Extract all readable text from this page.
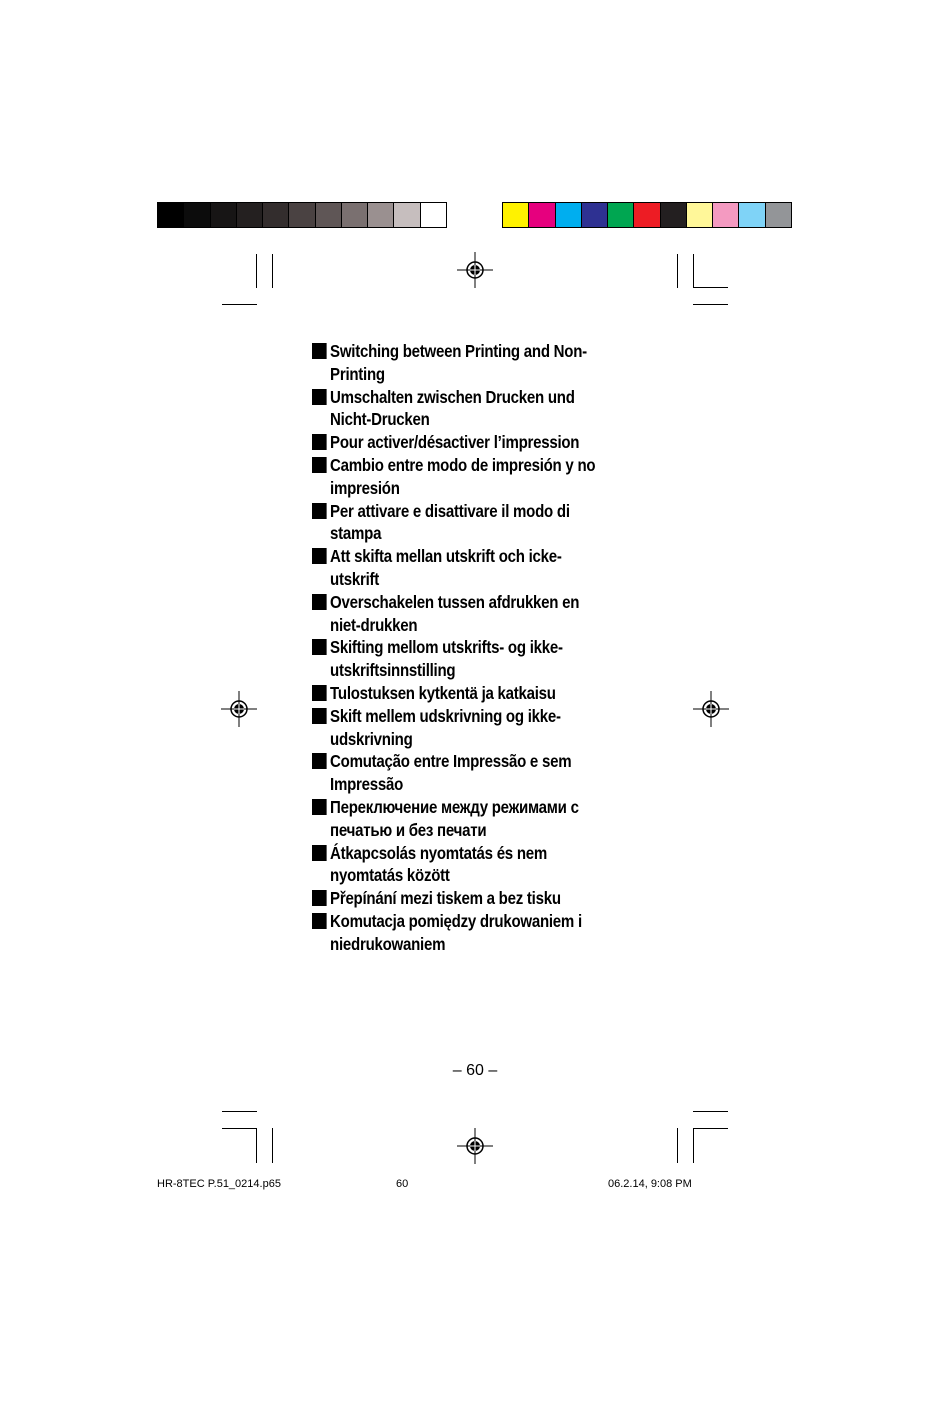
Switching between Printing and Non-Printing
Umschalten zwischen Drucken und Nicht-Drucken
Pour activer/désactiver l’impression
Cambio entre modo de impresión y no impresión
Per attivare e disattivare il modo di stampa
Att skifta mellan utskrift och icke-utskrift
Overschakelen tussen afdrukken en niet-drukken
Skifting mellom utskrifts- og ikke-utskriftsinnstilling
Tulostuksen kytkentä ja katkaisu
Skift mellem udskrivning og ikke-udskrivning
Comutação entre Impressão e sem Impressão
Переключение между режимами с печатью и без печати
Átkapcsolás nyomtatás és nem nyomtatás között
Přepínání mezi tiskem a bez tisku
Komutacja pomiędzy drukowaniem i niedrukowaniem
– 60 –
HR-8TEC P.51_0214.p65	60	06.2.14, 9:08 PM
